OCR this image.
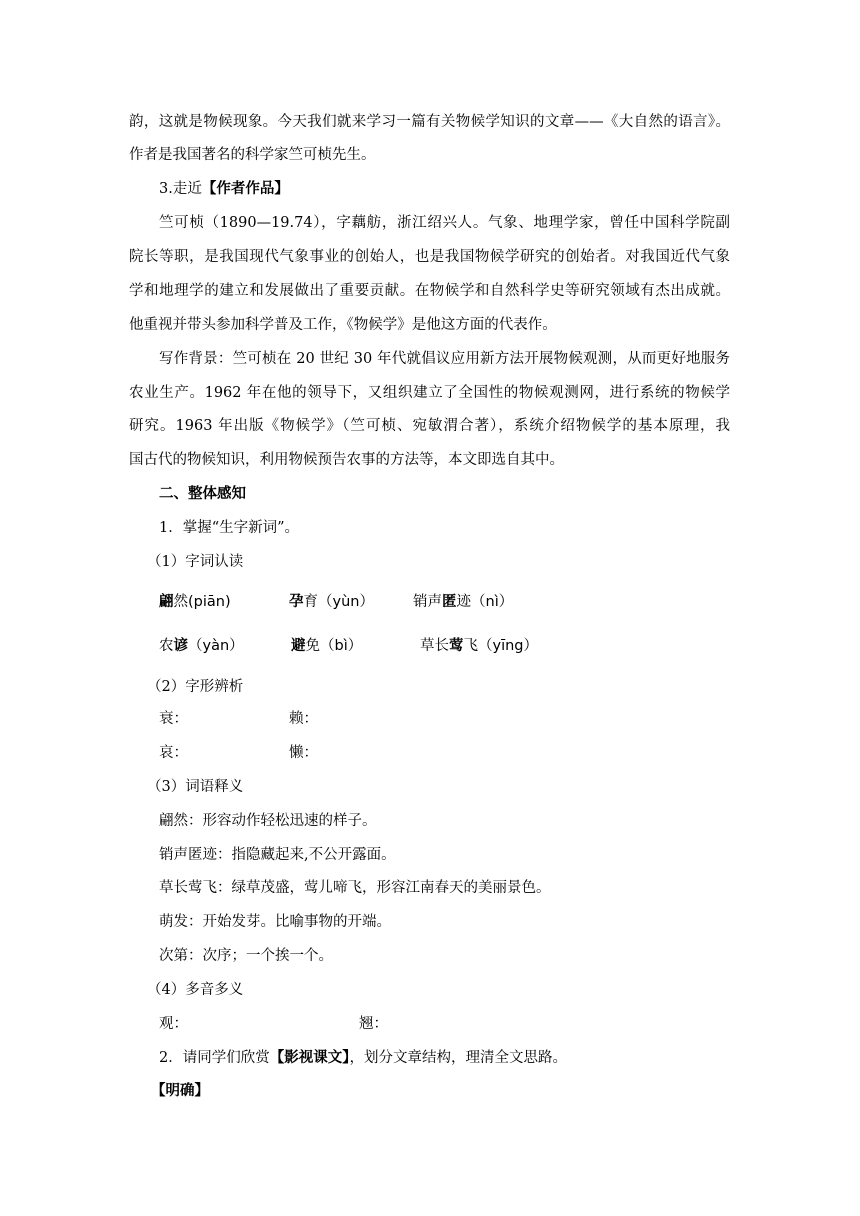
韵，这就是物候现象。今天我们就来学习一篇有关物候学知识的文章——《大自然的语言》。
作者是我国著名的科学家竺可桢先生。
3.走近【作者作品】
竺可桢（1890—19.74），字藕舫，浙江绍兴人。气象、地理学家，曾任中国科学院副
院长等职，是我国现代气象事业的创始人，也是我国物候学研究的创始者。对我国近代气象
学和地理学的建立和发展做出了重要贡献。在物候学和自然科学史等研究领域有杰出成就。
他重视并带头参加科学普及工作，《物候学》是他这方面的代表作。
写作背景：竺可桢在 20 世纪 30 年代就倡议应用新方法开展物候观测，从而更好地服务
农业生产。1962 年在他的领导下，又组织建立了全国性的物候观测网，进行系统的物候学
研究。1963 年出版《物候学》（竺可桢、宛敏渭合著），系统介绍物候学的基本原理，我
国古代的物候知识，利用物候预告农事的方法等，本文即选自其中。
二、整体感知
1．掌握“生字新词”。
（1）字词认读
翩然(piān)	孕育（yùn）	销声匿迹（nì）
农谚（yàn）	避免（bì）	草长莺飞（yīng）
（2）字形辨析
衰：	赖：
哀：	懒：
（3）词语释义
翩然：形容动作轻松迅速的样子。
销声匿迹：指隐藏起来,不公开露面。
草长莺飞：绿草茂盛，莺儿啼飞，形容江南春天的美丽景色。
萌发：开始发芽。比喻事物的开端。
次第：次序；一个挨一个。
（4）多音多义
观：	翘：
2．请同学们欣赏【影视课文】，划分文章结构，理清全文思路。
【明确】
